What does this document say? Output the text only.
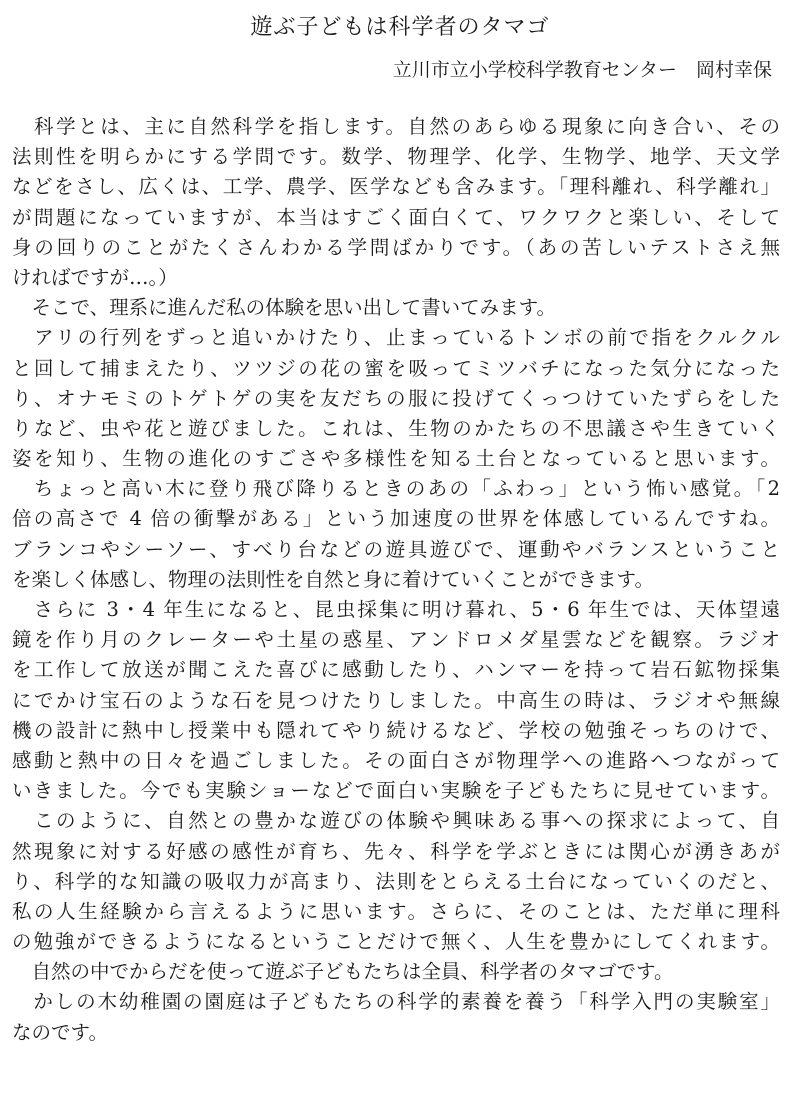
遊ぶ子どもは科学者のタマゴ
立川市立小学校科学教育センター　岡村幸保
　科学とは、主に自然科学を指します。自然のあらゆる現象に向き合い、その
法則性を明らかにする学問です。数学、物理学、化学、生物学、地学、天文学
などをさし、広くは、工学、農学、医学なども含みます。「理科離れ、科学離れ」
が問題になっていますが、本当はすごく面白くて、ワクワクと楽しい、そして
身の回りのことがたくさんわかる学問ばかりです。（あの苦しいテストさえ無
ければですが…。）
　そこで、理系に進んだ私の体験を思い出して書いてみます。
　アリの行列をずっと追いかけたり、止まっているトンボの前で指をクルクル
と回して捕まえたり、ツツジの花の蜜を吸ってミツバチになった気分になった
り、オナモミのトゲトゲの実を友だちの服に投げてくっつけていたずらをした
りなど、虫や花と遊びました。これは、生物のかたちの不思議さや生きていく
姿を知り、生物の進化のすごさや多様性を知る土台となっていると思います。
　ちょっと高い木に登り飛び降りるときのあの「ふわっ」という怖い感覚。「2
倍の高さで 4 倍の衝撃がある」という加速度の世界を体感しているんですね。
ブランコやシーソー、すべり台などの遊具遊びで、運動やバランスということ
を楽しく体感し、物理の法則性を自然と身に着けていくことができます。
　さらに 3・4 年生になると、昆虫採集に明け暮れ、5・6 年生では、天体望遠
鏡を作り月のクレーターや土星の惑星、アンドロメダ星雲などを観察。ラジオ
を工作して放送が聞こえた喜びに感動したり、ハンマーを持って岩石鉱物採集
にでかけ宝石のような石を見つけたりしました。中高生の時は、ラジオや無線
機の設計に熱中し授業中も隠れてやり続けるなど、学校の勉強そっちのけで、
感動と熱中の日々を過ごしました。その面白さが物理学への進路へつながって
いきました。今でも実験ショーなどで面白い実験を子どもたちに見せています。
　このように、自然との豊かな遊びの体験や興味ある事への探求によって、自
然現象に対する好感の感性が育ち、先々、科学を学ぶときには関心が湧きあが
り、科学的な知識の吸収力が高まり、法則をとらえる土台になっていくのだと、
私の人生経験から言えるように思います。さらに、そのことは、ただ単に理科
の勉強ができるようになるということだけで無く、人生を豊かにしてくれます。
　自然の中でからだを使って遊ぶ子どもたちは全員、科学者のタマゴです。
　かしの木幼稚園の園庭は子どもたちの科学的素養を養う「科学入門の実験室」
なのです。
